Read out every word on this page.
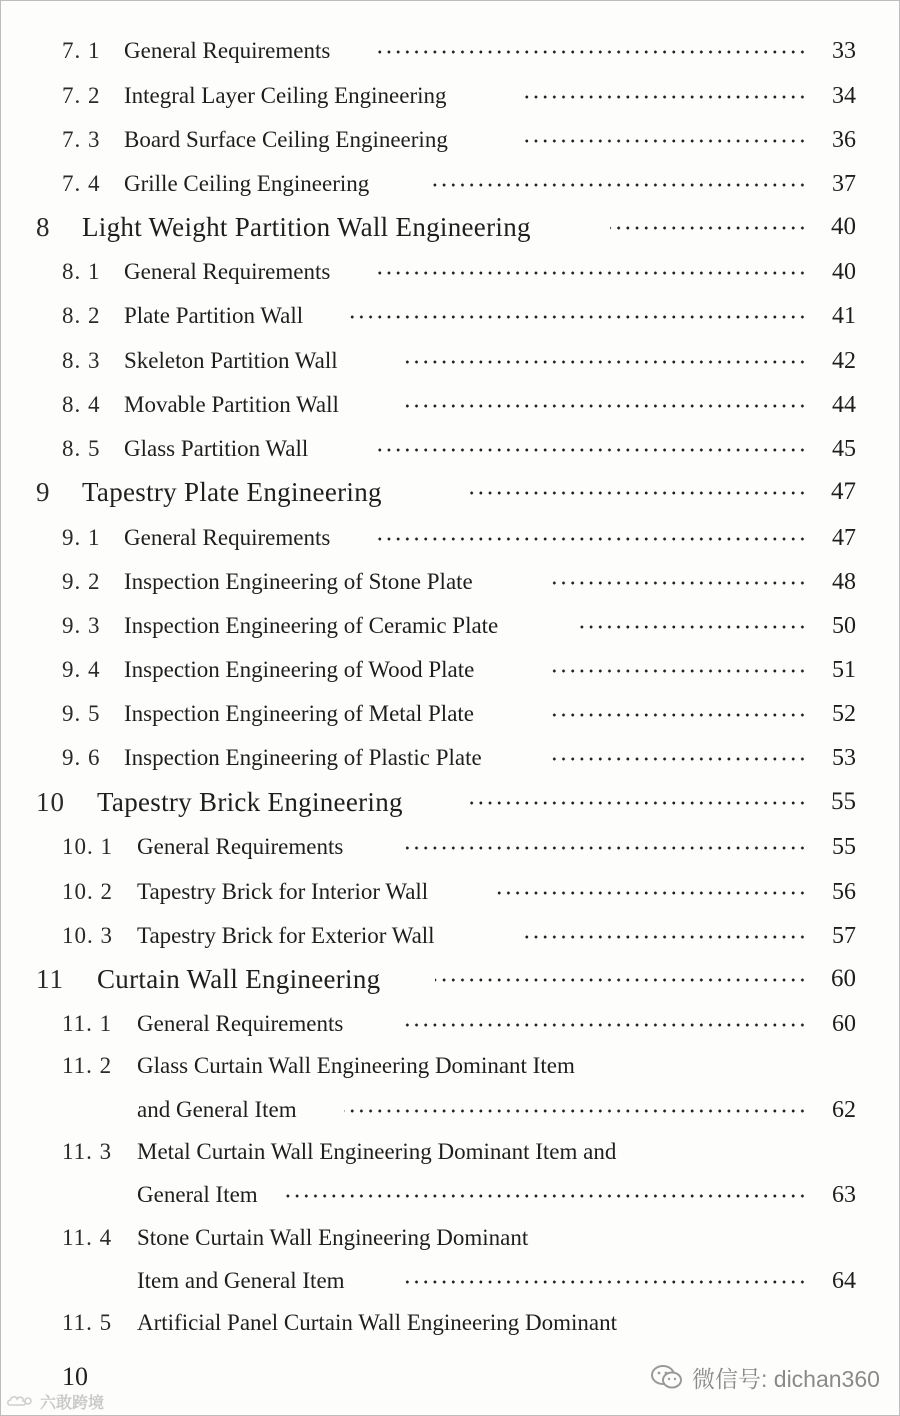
7. 1 General Requirements	33
7. 2 Integral Layer Ceiling Engineering	34
7. 3 Board Surface Ceiling Engineering	36
7. 4 Grille Ceiling Engineering	37
8 Light Weight Partition Wall Engineering	40
8. 1 General Requirements	40
8. 2 Plate Partition Wall	41
8. 3 Skeleton Partition Wall	42
8. 4 Movable Partition Wall	44
8. 5 Glass Partition Wall	45
9 Tapestry Plate Engineering	47
9. 1 General Requirements	47
9. 2 Inspection Engineering of Stone Plate	48
9. 3 Inspection Engineering of Ceramic Plate	50
9. 4 Inspection Engineering of Wood Plate	51
9. 5 Inspection Engineering of Metal Plate	52
9. 6 Inspection Engineering of Plastic Plate	53
10 Tapestry Brick Engineering	55
10. 1 General Requirements	55
10. 2 Tapestry Brick for Interior Wall	56
10. 3 Tapestry Brick for Exterior Wall	57
11 Curtain Wall Engineering	60
11. 1 General Requirements	60
11. 2 Glass Curtain Wall Engineering Dominant Item
and General Item	62
11. 3 Metal Curtain Wall Engineering Dominant Item and
General Item	63
11. 4 Stone Curtain Wall Engineering Dominant
Item and General Item	64
11. 5 Artificial Panel Curtain Wall Engineering Dominant
10	微信号: dichan360
六敢跨境
